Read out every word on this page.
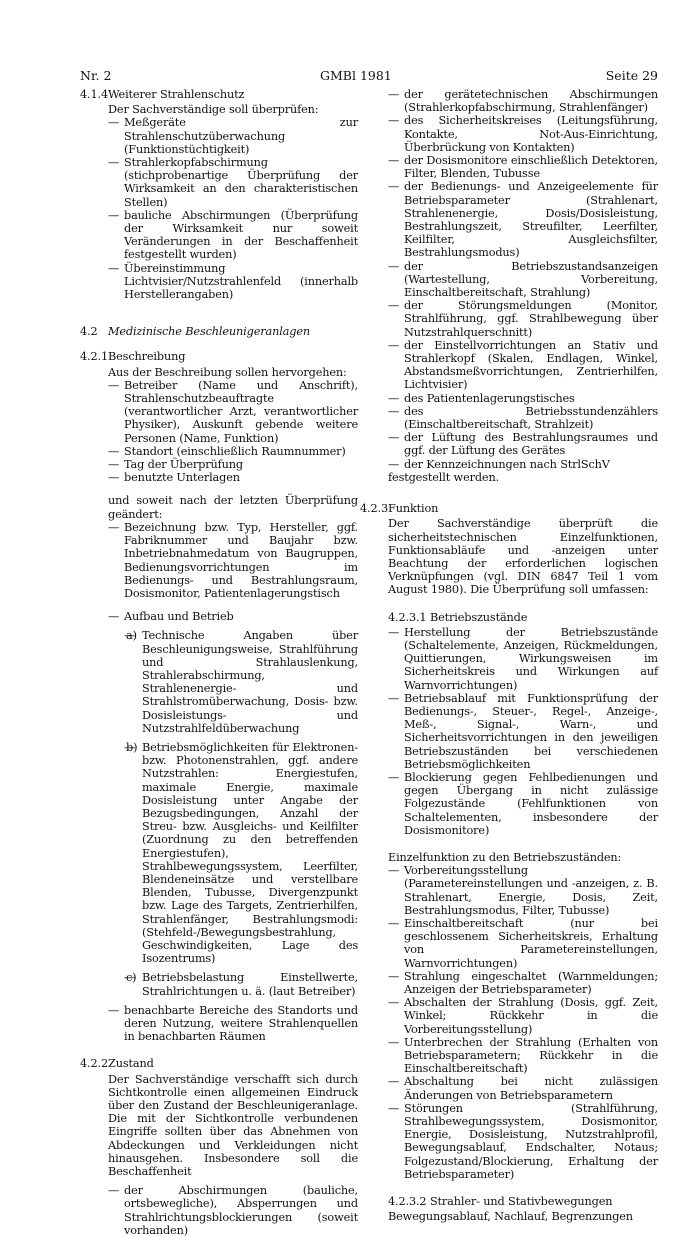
Nr. 2	GMBl 1981	Seite 29
4.1.4 Weiterer Strahlenschutz

Der Sachverständige soll überprüfen:

— Meßgeräte zur Strahlenschutzüberwachung (Funktionstüchtigkeit)
— Strahlerkopfabschirmung (stichprobenartige Überprüfung der Wirksamkeit an den charakteristischen Stellen)
— bauliche Abschirmungen (Überprüfung der Wirksamkeit nur soweit Veränderungen in der Beschaffenheit festgestellt wurden)
— Übereinstimmung Lichtvisier/Nutzstrahlenfeld (innerhalb Herstellerangaben)
4.2 Medizinische Beschleunigeranlagen
4.2.1 Beschreibung

Aus der Beschreibung sollen hervorgehen:

— Betreiber (Name und Anschrift), Strahlenschutzbeauftragte (verantwortlicher Arzt, verantwortlicher Physiker), Auskunft gebende weitere Personen (Name, Funktion)
— Standort (einschließlich Raumnummer)
— Tag der Überprüfung
— benutzte Unterlagen

und soweit nach der letzten Überprüfung geändert:

— Bezeichnung bzw. Typ, Hersteller, ggf. Fabriknummer und Baujahr bzw. Inbetriebnahmedatum von Baugruppen, Bedienungsvorrichtungen im Bedienungs- und Bestrahlungsraum, Dosismonitor, Patientenlagerungstisch
— Aufbau und Betrieb
— a) Technische Angaben über Beschleunigungsweise, Strahlführung und Strahlauslenkung, Strahlerabschirmung, Strahlenenergie- und Strahlstromüberwachung, Dosis- bzw. Dosisleistungs- und Nutzstrahlfeldüberwachung
— b) Betriebsmöglichkeiten für Elektronen- bzw. Photonenstrahlen, ggf. andere Nutzstrahlen: Energiestufen, maximale Energie, maximale Dosisleistung unter Angabe der Bezugsbedingungen, Anzahl der Streu- bzw. Ausgleichs- und Keilfilter (Zuordnung zu den betreffenden Energiestufen), Strahlbewegungssystem, Leerfilter, Blendeneinsätze und verstellbare Blenden, Tubusse, Divergenzpunkt bzw. Lage des Targets, Zentrierhilfen, Strahlenfänger, Bestrahlungsmodi: (Stehfeld-/Bewegungsbestrahlung, Geschwindigkeiten, Lage des Isozentrums)
— c) Betriebsbelastung Einstellwerte, Strahlrichtungen u. ä. (laut Betreiber)
— benachbarte Bereiche des Standorts und deren Nutzung, weitere Strahlenquellen in benachbarten Räumen
4.2.2 Zustand

Der Sachverständige verschafft sich durch Sichtkontrolle einen allgemeinen Eindruck über den Zustand der Beschleunigeranlage. Die mit der Sichtkontrolle verbundenen Eingriffe sollten über das Abnehmen von Abdeckungen und Verkleidungen nicht hinausgehen. Insbesondere soll die Beschaffenheit

— der Abschirmungen (bauliche, ortsbewegliche), Absperrungen und Strahlrichtungsblockierungen (soweit vorhanden)
— der gerätetechnischen Abschirmungen (Strahlerkopfabschirmung, Strahlenfänger)
— des Sicherheitskreises (Leitungsführung, Kontakte, Not-Aus-Einrichtung, Überbrückung von Kontakten)
— der Dosismonitore einschließlich Detektoren, Filter, Blenden, Tubusse
— der Bedienungs- und Anzeigeelemente für Betriebsparameter (Strahlenart, Strahlenenergie, Dosis/Dosisleistung, Bestrahlungszeit, Streufilter, Leerfilter, Keilfilter, Ausgleichsfilter, Bestrahlungsmodus)
— der Betriebszustandsanzeigen (Wartestellung, Vorbereitung, Einschaltbereitschaft, Strahlung)
— der Störungsmeldungen (Monitor, Strahlführung, ggf. Strahlbewegung über Nutzstrahlquerschnitt)
— der Einstellvorrichtungen an Stativ und Strahlerkopf (Skalen, Endlagen, Winkel, Abstandsmeßvorrichtungen, Zentrierhilfen, Lichtvisier)
— des Patientenlagerungstisches
— des Betriebsstundenzählers (Einschaltbereitschaft, Strahlzeit)
— der Lüftung des Bestrahlungsraumes und ggf. der Lüftung des Gerätes
— der Kennzeichnungen nach StrlSchV

festgestellt werden.

4.2.3 Funktion

Der Sachverständige überprüft die sicherheitstechnischen Einzelfunktionen, Funktionsabläufe und -anzeigen unter Beachtung der erforderlichen logischen Verknüpfungen (vgl. DIN 6847 Teil 1 vom August 1980). Die Überprüfung soll umfassen:

4.2.3.1 Betriebszustände
— Herstellung der Betriebszustände (Schaltelemente, Anzeigen, Rückmeldungen, Quittierungen, Wirkungsweisen im Sicherheitskreis und Wirkungen auf Warnvorrichtungen)
— Betriebsablauf mit Funktionsprüfung der Bedienungs-, Steuer-, Regel-, Anzeige-, Meß-, Signal-, Warn-, und Sicherheitsvorrichtungen in den jeweiligen Betriebszuständen bei verschiedenen Betriebsmöglichkeiten
— Blockierung gegen Fehlbedienungen und gegen Übergang in nicht zulässige Folgezustände (Fehlfunktionen von Schaltelementen, insbesondere der Dosismonitore)

Einzelfunktion zu den Betriebszuständen:

— Vorbereitungsstellung (Parametereinstellungen und -anzeigen, z. B. Strahlenart, Energie, Dosis, Zeit, Bestrahlungsmodus, Filter, Tubusse)
— Einschaltbereitschaft (nur bei geschlossenem Sicherheitskreis, Erhaltung von Parametereinstellungen, Warnvorrichtungen)
— Strahlung eingeschaltet (Warnmeldungen; Anzeigen der Betriebsparameter)
— Abschalten der Strahlung (Dosis, ggf. Zeit, Winkel; Rückkehr in die Vorbereitungsstellung)
— Unterbrechen der Strahlung (Erhalten von Betriebsparametern; Rückkehr in die Einschaltbereitschaft)
— Abschaltung bei nicht zulässigen Änderungen von Betriebsparametern
— Störungen (Strahlführung, Strahlbewegungssystem, Dosismonitor, Energie, Dosisleistung, Nutzstrahlprofil, Bewegungsablauf, Endschalter, Notaus; Folgezustand/Blockierung, Erhaltung der Betriebsparameter)
4.2.3.2 Strahler- und Stativbewegungen

Bewegungsablauf, Nachlauf, Begrenzungen
